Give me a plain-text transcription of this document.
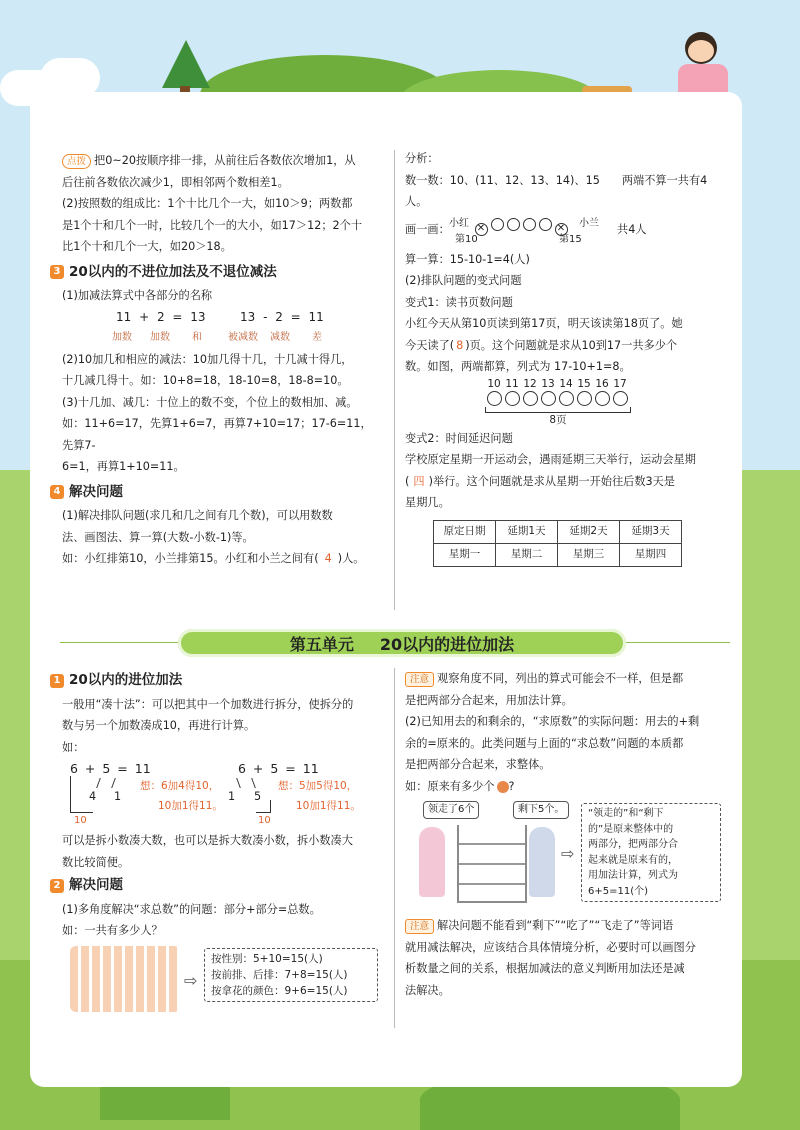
点拨 把0~20按顺序排一排，从前往后各数依次增加1，从

后往前各数依次减少1，即相邻两个数相差1。

(2)按照数的组成比：1个十比几个一大，如10＞9；两数都

是1个十和几个一时，比较几个一的大小，如17＞12；2个十

比1个十和几个一大，如20＞18。

3 20以内的不进位加法及不退位减法

(1)加减法算式中各部分的名称

11 + 2 = 13	13 - 2 = 11
加数 加数 和	被减数 减数 差

(2)10加几和相应的减法：10加几得十几，十几减十得几，

十几减几得十。如：10+8=18，18-10=8，18-8=10。

(3)十几加、减几：十位上的数不变，个位上的数相加、减。

如：11+6=17，先算1+6=7，再算7+10=17；17-6=11，先算7-

6=1，再算1+10=11。

4 解决问题

(1)解决排队问题(求几和几之间有几个数)，可以用数数

法、画图法、算一算(大数-小数-1)等。

如：小红排第10，小兰排第15。小红和小兰之间有( 4 )人。

分析：

数一数：10、(11、12、13、14)、15 两端不算一共有4人。

画一画： 小红 ✕	✕	小兰 共4人
第10	第15

算一算：15-10-1=4(人)

(2)排队问题的变式问题

变式1：读书页数问题

小红今天从第10页读到第17页，明天该读第18页了。她

今天读了( 8 )页。这个问题就是求从10到17一共多少个

数。如图，两端都算，列式为 17-10+1=8。

10 11 12 13 14 15 16 17
8页

变式2：时间延迟问题

学校原定星期一开运动会，遇雨延期三天举行，运动会星期

( 四 )举行。这个问题就是求从星期一开始往后数3天是

星期几。

原定日期	延期1天	延期2天	延期3天
星期一	星期二	星期三	星期四
第五单元 20以内的进位加法
1 20以内的进位加法

一般用“凑十法”：可以把其中一个加数进行拆分，使拆分的

数与另一个加数凑成10，再进行计算。

如：

6 + 5 = 11
4 1
10
想：6加4得10，
10加1得11。
6 + 5 = 11
1 5
10
想：5加5得10，
10加1得11。

可以是拆小数凑大数，也可以是拆大数凑小数，拆小数凑大

数比较简便。

2 解决问题

(1)多角度解决“求总数”的问题：部分+部分=总数。

如：一共有多少人？

⇨
按性别：5+10=15(人)
按前排、后排：7+8=15(人)
按拿花的颜色：9+6=15(人)

注意 观察角度不同，列出的算式可能会不一样，但是都

是把两部分合起来，用加法计算。

(2)已知用去的和剩余的，“求原数”的实际问题：用去的+剩

余的=原来的。此类问题与上面的“求总数”问题的本质都

是把两部分合起来，求整体。

如：原来有多少个 ?

领走了6个	剩下5个。
⇨
“领走的”和“剩下
的”是原来整体中的
两部分，把两部分合
起来就是原来有的，
用加法计算，列式为
6+5=11(个)

注意 解决问题不能看到“剩下”“吃了”“飞走了”等词语

就用减法解决，应该结合具体情境分析，必要时可以画图分

析数量之间的关系，根据加减法的意义判断用加法还是减

法解决。
